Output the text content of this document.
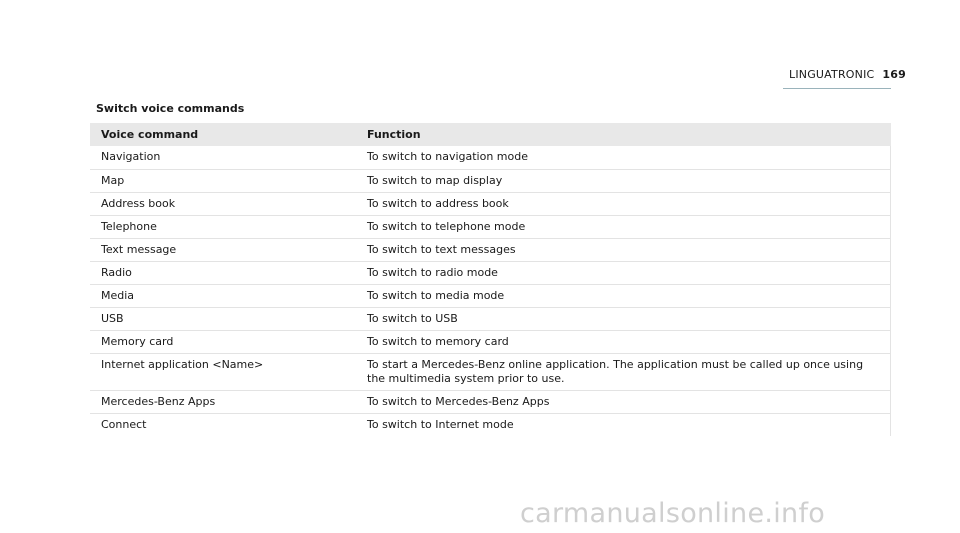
LINGUATRONIC 169
Switch voice commands
Voice command	Function
Navigation	To switch to navigation mode
Map	To switch to map display
Address book	To switch to address book
Telephone	To switch to telephone mode
Text message	To switch to text messages
Radio	To switch to radio mode
Media	To switch to media mode
USB	To switch to USB
Memory card	To switch to memory card
Internet application <Name>	To start a Mercedes-Benz online application. The application must be called up once using the multimedia system prior to use.
Mercedes-Benz Apps	To switch to Mercedes-Benz Apps
Connect	To switch to Internet mode
carmanualsonline.info
